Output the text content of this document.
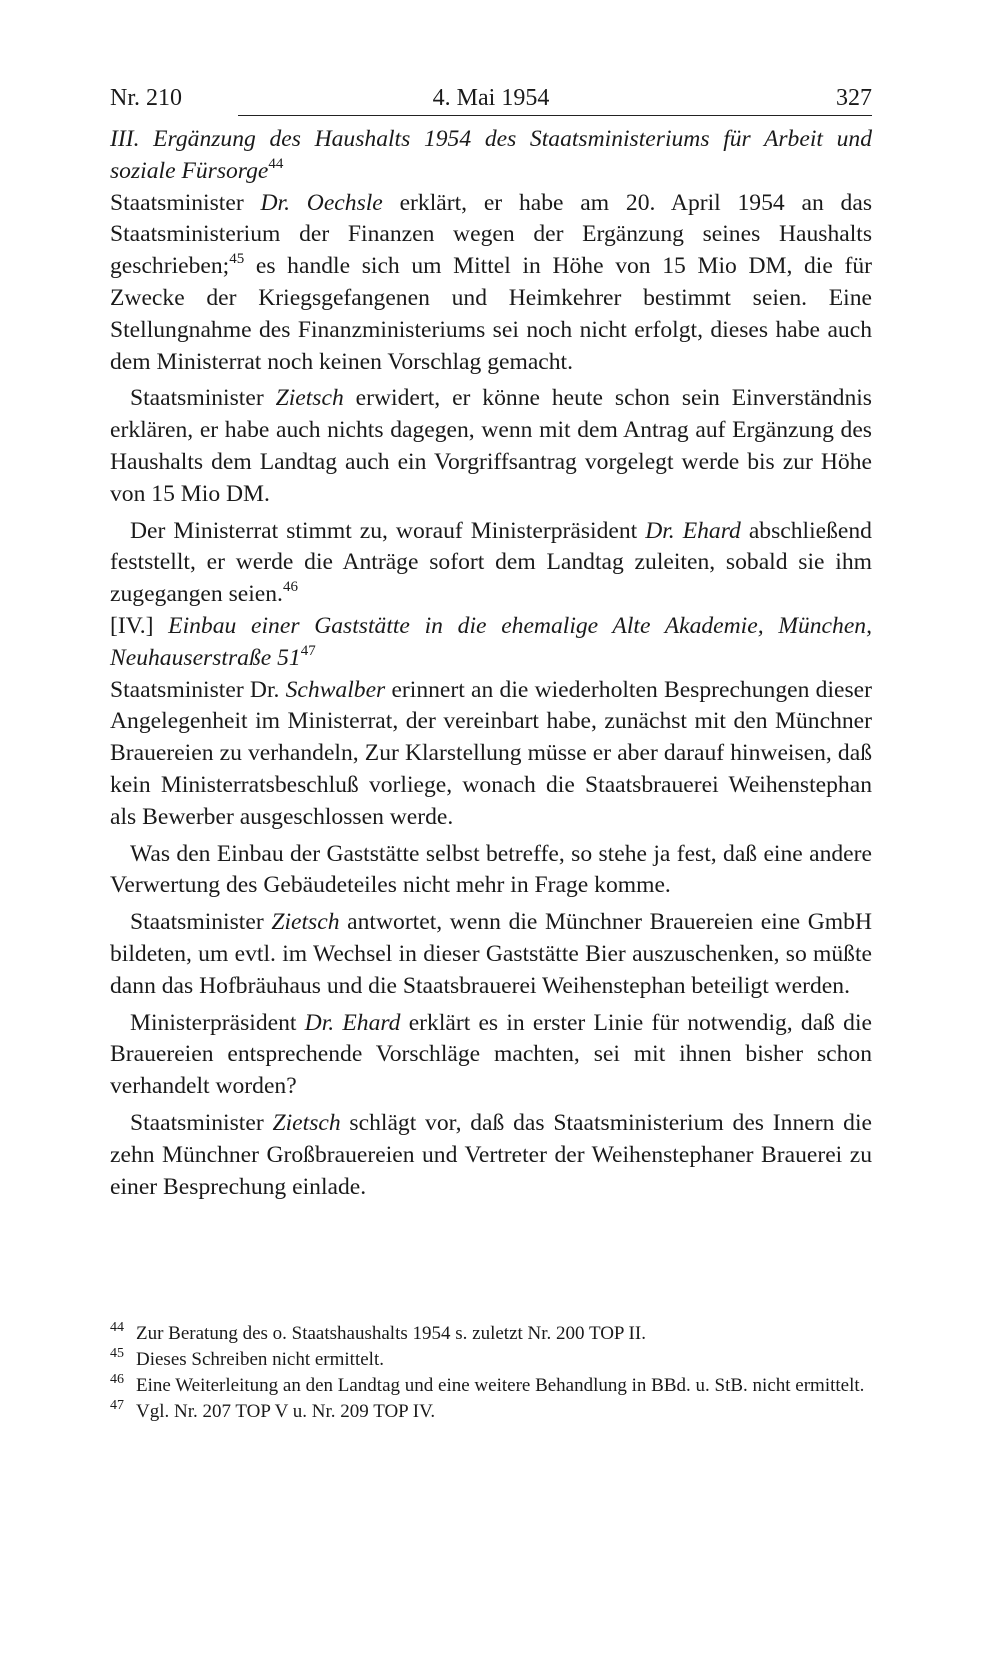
Nr. 210	4. Mai 1954	327

III. Ergänzung des Haushalts 1954 des Staatsministeriums für Arbeit und soziale Fürsorge$^{44}$

Staatsminister Dr. Oechsle erklärt, er habe am 20. April 1954 an das Staatsministerium der Finanzen wegen der Ergänzung seines Haushalts geschrieben;$^{45}$ es handle sich um Mittel in Höhe von 15 Mio DM, die für Zwecke der Kriegsgefangenen und Heimkehrer bestimmt seien. Eine Stellungnahme des Finanzministeriums sei noch nicht erfolgt, dieses habe auch dem Ministerrat noch keinen Vorschlag gemacht.

Staatsminister Zietsch erwidert, er könne heute schon sein Einverständnis erklären, er habe auch nichts dagegen, wenn mit dem Antrag auf Ergänzung des Haushalts dem Landtag auch ein Vorgriffsantrag vorgelegt werde bis zur Höhe von 15 Mio DM.

Der Ministerrat stimmt zu, worauf Ministerpräsident Dr. Ehard abschließend feststellt, er werde die Anträge sofort dem Landtag zuleiten, sobald sie ihm zugegangen seien.$^{46}$

[IV.] Einbau einer Gaststätte in die ehemalige Alte Akademie, München, Neuhauserstraße $51^{47}$

Staatsminister Dr. Schwalber erinnert an die wiederholten Besprechungen dieser Angelegenheit im Ministerrat, der vereinbart habe, zunächst mit den Münchner Brauereien zu verhandeln, Zur Klarstellung müsse er aber darauf hinweisen, daß kein Ministerratsbeschluß vorliege, wonach die Staatsbrauerei Weihenstephan als Bewerber ausgeschlossen werde.

Was den Einbau der Gaststätte selbst betreffe, so stehe ja fest, daß eine andere Verwertung des Gebäudeteiles nicht mehr in Frage komme.

Staatsminister Zietsch antwortet, wenn die Münchner Brauereien eine GmbH bildeten, um evtl. im Wechsel in dieser Gaststätte Bier auszuschenken, so müßte dann das Hofbräuhaus und die Staatsbrauerei Weihenstephan beteiligt werden.

Ministerpräsident Dr. Ehard erklärt es in erster Linie für notwendig, daß die Brauereien entsprechende Vorschläge machten, sei mit ihnen bisher schon verhandelt worden?

Staatsminister Zietsch schlägt vor, daß das Staatsministerium des Innern die zehn Münchner Großbrauereien und Vertreter der Weihenstephaner Brauerei zu einer Besprechung einlade.

44 Zur Beratung des o. Staatshaushalts 1954 s. zuletzt Nr. 200 TOP II.
45 Dieses Schreiben nicht ermittelt.
46 Eine Weiterleitung an den Landtag und eine weitere Behandlung in BBd. u. StB. nicht ermittelt.
47 Vgl. Nr. 207 TOP V u. Nr. 209 TOP IV.
